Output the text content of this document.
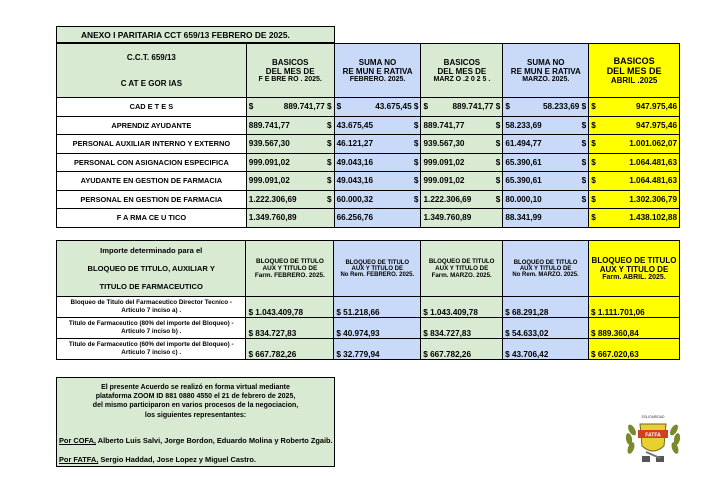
ANEXO I PARITARIA CCT 659/13 FEBRERO DE 2025.
C.C.T. 659/13
C AT E GOR IAS	BASICOS
DEL MES DE
F E BRE RO . 2025.	SUMA NO
RE MUN E RATIVA
FEBRERO. 2025.	BASICOS
DEL MES DE
MARZ O .2 0 2 5 .	SUMA NO
RE MUN E RATIVA
MARZO. 2025.	BASICOS
DEL MES DE
ABRIL .2025

CAD E T E S	$ 889.741,77 $	$ 43.675,45 $	$ 889.741,77 $	$ 58.233,69 $	$ 947.975,46

APRENDIZ AYUDANTE	889.741,77 $	43.675,45 $	889.741,77 $	58.233,69 $	$ 947.975,46

PERSONAL AUXILIAR INTERNO Y EXTERNO	939.567,30 $	46.121,27 $	939.567,30 $	61.494,77 $	$ 1.001.062,07

PERSONAL CON ASIGNACION ESPECIFICA	999.091,02 $	49.043,16 $	999.091,02 $	65.390,61 $	$ 1.064.481,63

AYUDANTE EN GESTION DE FARMACIA	999.091,02 $	49.043,16 $	999.091,02 $	65.390,61 $	$ 1.064.481,63

PERSONAL EN GESTION DE FARMACIA	1.222.306,69 $	60.000,32 $	1.222.306,69 $	80.000,10 $	$ 1.302.306,79

F A RMA CE U TICO	1.349.760,89	66.256,76	1.349.760,89	88.341,99	$ 1.438.102,88
Importe determinado para el
BLOQUEO DE TITULO, AUXILIAR Y
TITULO DE FARMACEUTICO	BLOQUEO DE TITULO
AUX Y TITULO DE
Farm. FEBRERO. 2025.	BLOQUEO DE TITULO
AUX Y TITULO DE
No Rem. FEBRERO. 2025.	BLOQUEO DE TITULO
AUX Y TITULO DE
Farm. MARZO. 2025.	BLOQUEO DE TITULO
AUX Y TITULO DE
No Rem. MARZO. 2025.	BLOQUEO DE TITULO
AUX Y TITULO DE
Farm. ABRIL. 2025.

Bloqueo de Titulo del Farmaceutico Director Tecnico - Articulo 7 inciso a) .	$ 1.043.409,78	$ 51.218,66	$ 1.043.409,78	$ 68.291,28	$ 1.111.701,06
Titulo de Farmaceutico (80% del importe del Bloqueo) - Articulo 7 inciso b) .	$ 834.727,83	$ 40.974,93	$ 834.727,83	$ 54.633,02	$ 889.360,84
Titulo de Farmaceutico (60% del importe del Bloqueo) - Articulo 7 inciso c) .	$ 667.782,26	$ 32.779,94	$ 667.782,26	$ 43.706,42	$ 667.020,63
El presente Acuerdo se realizó en forma virtual mediante
plataforma ZOOM ID 881 0880 4550 el 21 de febrero de 2025,
del mismo participaron en varios procesos de la negociacion,
los siguientes representantes:
Por COFA, Alberto Luis Salvi, Jorge Bordon, Eduardo Molina y Roberto Zgaib.
Por FATFA, Sergio Haddad, Jose Lopez y Miguel Castro.
FATFA
SOLIDARIDAD
